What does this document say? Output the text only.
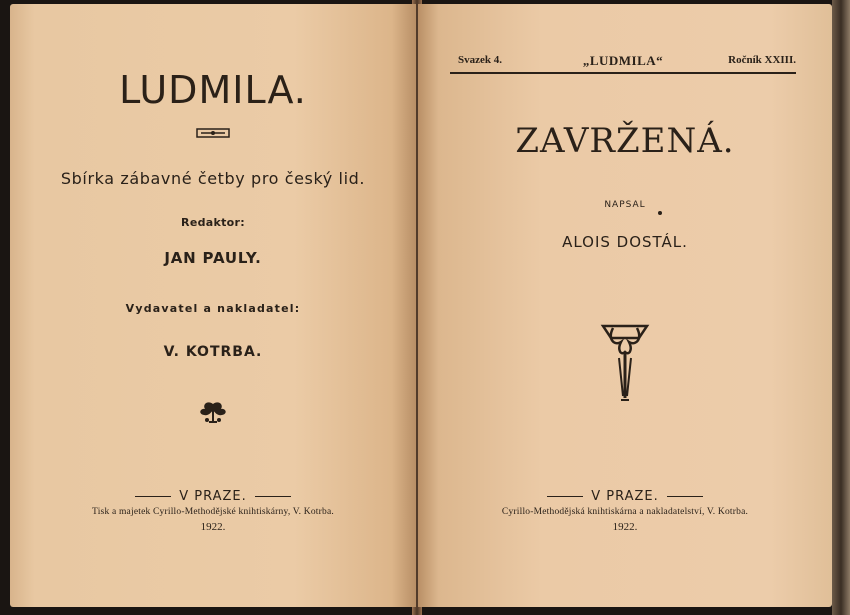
LUDMILA.
Sbírka zábavné četby pro český lid.
Redaktor:
JAN PAULY.
Vydavatel a nakladatel:
V. KOTRBA.
V PRAZE.
Tisk a majetek Cyrillo-Methodějské knihtiskárny, V. Kotrba.
1922.
Svazek 4.	„LUDMILA“	Ročník XXIII.
ZAVRŽENÁ.
NAPSAL
ALOIS DOSTÁL.
V PRAZE.
Cyrillo-Methodějská knihtiskárna a nakladatelství, V. Kotrba.
1922.
